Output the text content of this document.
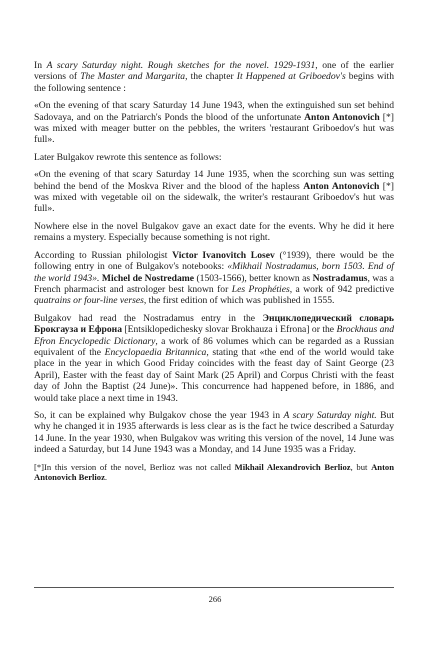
In A scary Saturday night. Rough sketches for the novel. 1929-1931, one of the earlier versions of The Master and Margarita, the chapter It Happened at Griboedov's begins with the following sentence :

«On the evening of that scary Saturday 14 June 1943, when the extinguished sun set behind Sadovaya, and on the Patriarch's Ponds the blood of the unfortunate Anton Antonovich [*] was mixed with meager butter on the pebbles, the writers 'restaurant Griboedov's hut was full».

Later Bulgakov rewrote this sentence as follows:

«On the evening of that scary Saturday 14 June 1935, when the scorching sun was setting behind the bend of the Moskva River and the blood of the hapless Anton Antonovich [*] was mixed with vegetable oil on the sidewalk, the writer's restaurant Griboedov's hut was full».

Nowhere else in the novel Bulgakov gave an exact date for the events. Why he did it here remains a mystery. Especially because something is not right.

According to Russian philologist Victor Ivanovitch Losev (°1939), there would be the following entry in one of Bulgakov's notebooks: «Mikhail Nostradamus, born 1503. End of the world 1943». Michel de Nostredame (1503-1566), better known as Nostradamus, was a French pharmacist and astrologer best known for Les Prophéties, a work of 942 predictive quatrains or four-line verses, the first edition of which was published in 1555.

Bulgakov had read the Nostradamus entry in the Энциклопедический словарь Брокгауза и Ефрона [Entsiklopedichesky slovar Brokhauza i Efrona] or the Brockhaus and Efron Encyclopedic Dictionary, a work of 86 volumes which can be regarded as a Russian equivalent of the Encyclopaedia Britannica, stating that «the end of the world would take place in the year in which Good Friday coincides with the feast day of Saint George (23 April), Easter with the feast day of Saint Mark (25 April) and Corpus Christi with the feast day of John the Baptist (24 June)». This concurrence had happened before, in 1886, and would take place a next time in 1943.

So, it can be explained why Bulgakov chose the year 1943 in A scary Saturday night. But why he changed it in 1935 afterwards is less clear as is the fact he twice described a Saturday 14 June. In the year 1930, when Bulgakov was writing this version of the novel, 14 June was indeed a Saturday, but 14 June 1943 was a Monday, and 14 June 1935 was a Friday.

[*]In this version of the novel, Berlioz was not called Mikhail Alexandrovich Berlioz, but Anton Antonovich Berlioz.

266
